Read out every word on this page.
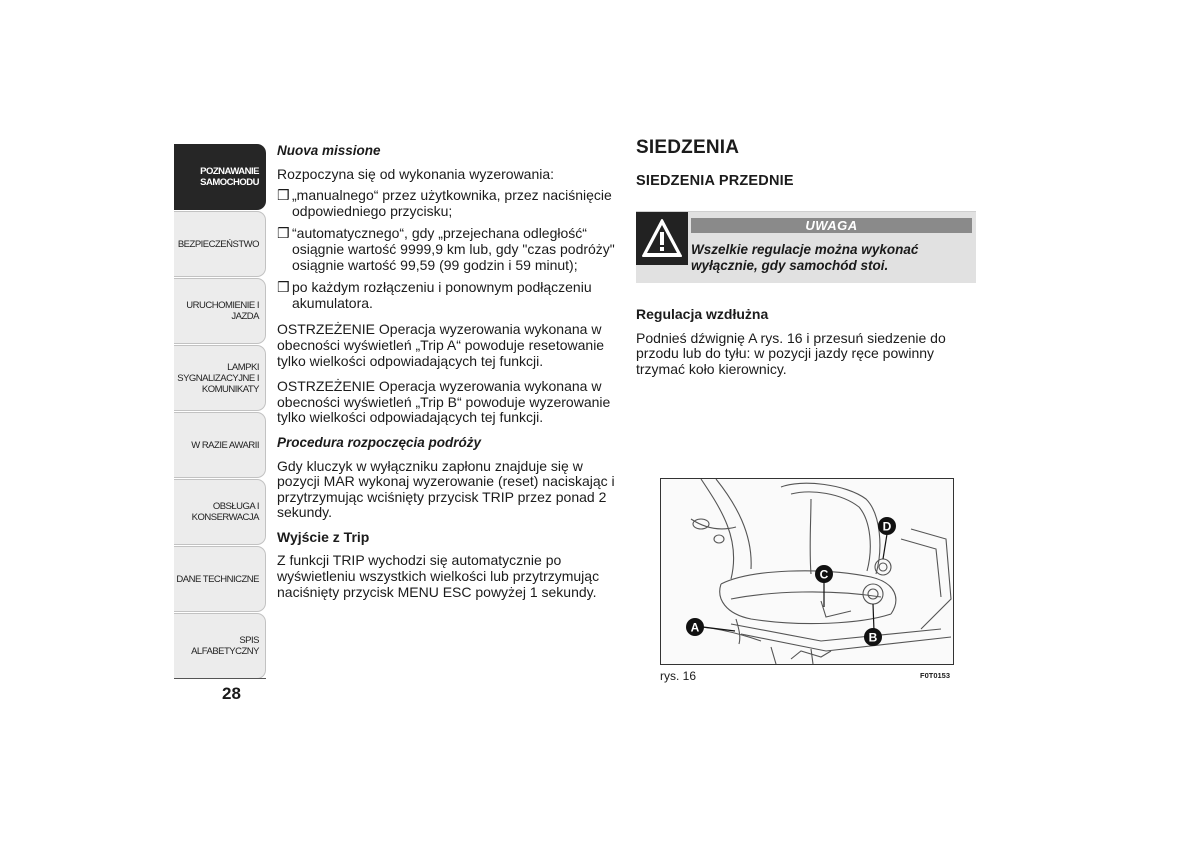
POZNAWANIE
SAMOCHODU
BEZPIECZEŃSTWO
URUCHOMIENIE I
JAZDA
LAMPKI
SYGNALIZACYJNE I
KOMUNIKATY
W RAZIE AWARII
OBSŁUGA I
KONSERWACJA
DANE TECHNICZNE
SPIS ALFABETYCZNY
28
Nuova missione

Rozpoczyna się od wykonania wyzerowania:

❒ „manualnego“ przez użytkownika, przez naciśnięcie odpowiedniego przycisku;
❒ “automatycznego“, gdy „przejechana odległość“ osiągnie wartość 9999,9 km lub, gdy "czas podróży" osiągnie wartość 99,59 (99 godzin i 59 minut);
❒ po każdym rozłączeniu i ponownym podłączeniu akumulatora.

OSTRZEŻENIE Operacja wyzerowania wykonana w obecności wyświetleń „Trip A“ powoduje resetowanie tylko wielkości odpowiadających tej funkcji.

OSTRZEŻENIE Operacja wyzerowania wykonana w obecności wyświetleń „Trip B“ powoduje wyzerowanie tylko wielkości odpowiadających tej funkcji.

Procedura rozpoczęcia podróży

Gdy kluczyk w wyłączniku zapłonu znajduje się w pozycji MAR wykonaj wyzerowanie (reset) naciskając i przytrzymując wciśnięty przycisk TRIP przez ponad 2 sekundy.

Wyjście z Trip

Z funkcji TRIP wychodzi się automatycznie po wyświetleniu wszystkich wielkości lub przytrzymując naciśnięty przycisk MENU ESC powyżej 1 sekundy.

SIEDZENIA
SIEDZENIA PRZEDNIE
UWAGA
Wszelkie regulacje można wykonać wyłącznie, gdy samochód stoi.
Regulacja wzdłużna

Podnieś dźwignię A rys. 16 i przesuń siedzenie do przodu lub do tyłu: w pozycji jazdy ręce powinny trzymać koło kierownicy.

A
B
C
D
rys. 16	F0T0153
